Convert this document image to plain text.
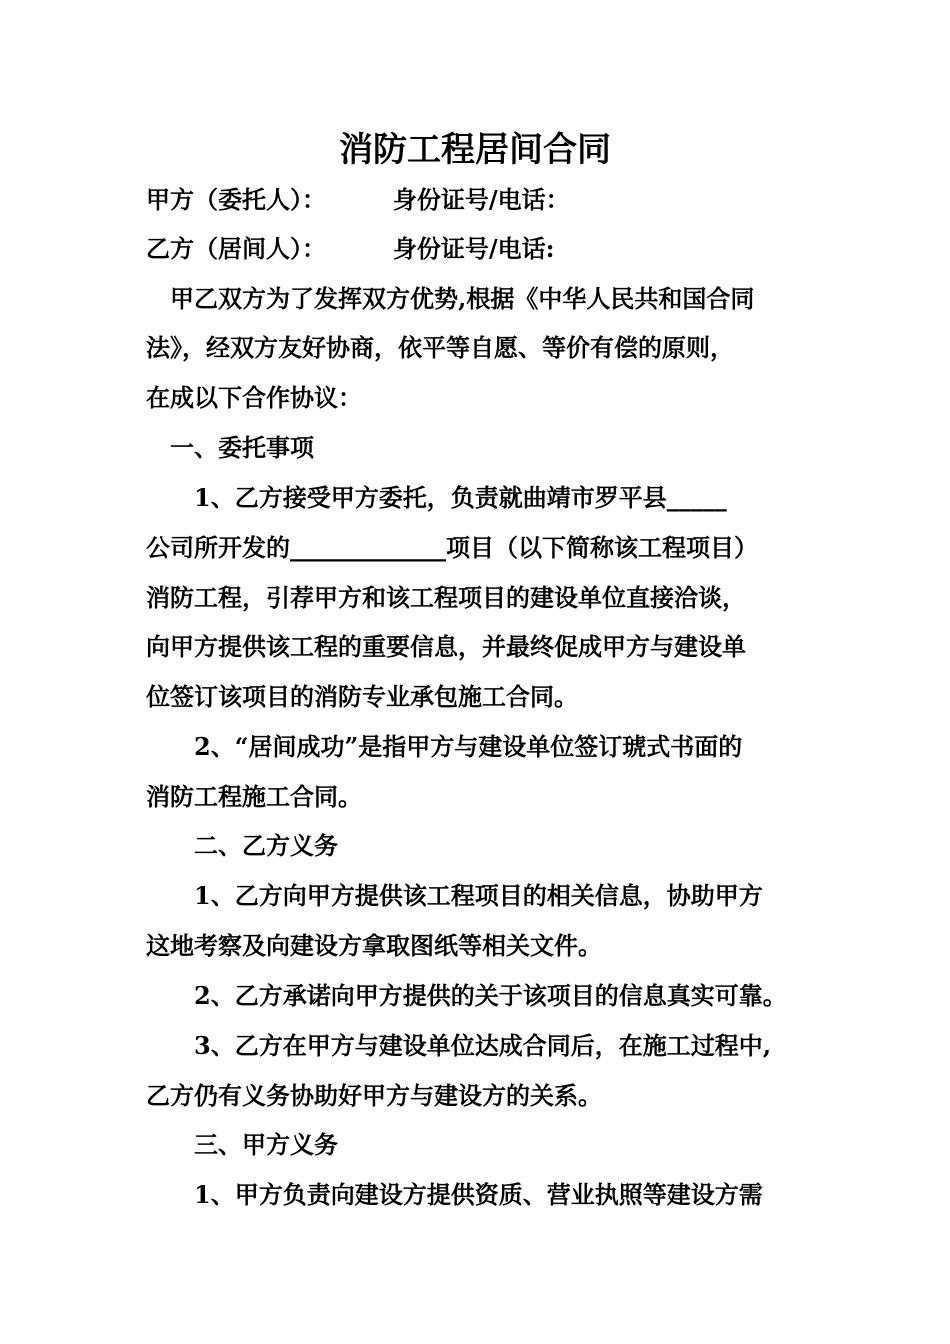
消防工程居间合同
甲方（委托人）：        身份证号/电话：
乙方（居间人）：        身份证号/电话:
甲乙双方为了发挥双方优势,根据《中华人民共和国合同
法》，经双方友好协商，依平等自愿、等价有偿的原则，
在成以下合作协议：
一、委托事项
1、乙方接受甲方委托，负责就曲靖市罗平县_____
公司所开发的_____________项目（以下简称该工程项目）
消防工程，引荐甲方和该工程项目的建设单位直接洽谈，
向甲方提供该工程的重要信息，并最终促成甲方与建设单
位签订该项目的消防专业承包施工合同。
2、“居间成功”是指甲方与建设单位签订琥式书面的
消防工程施工合同。
二、乙方义务
1、乙方向甲方提供该工程项目的相关信息，协助甲方
这地考察及向建设方拿取图纸等相关文件。
2、乙方承诺向甲方提供的关于该项目的信息真实可靠。
3、乙方在甲方与建设单位达成合同后，在施工过程中,
乙方仍有义务协助好甲方与建设方的关系。
三、甲方义务
1、甲方负责向建设方提供资质、营业执照等建设方需
